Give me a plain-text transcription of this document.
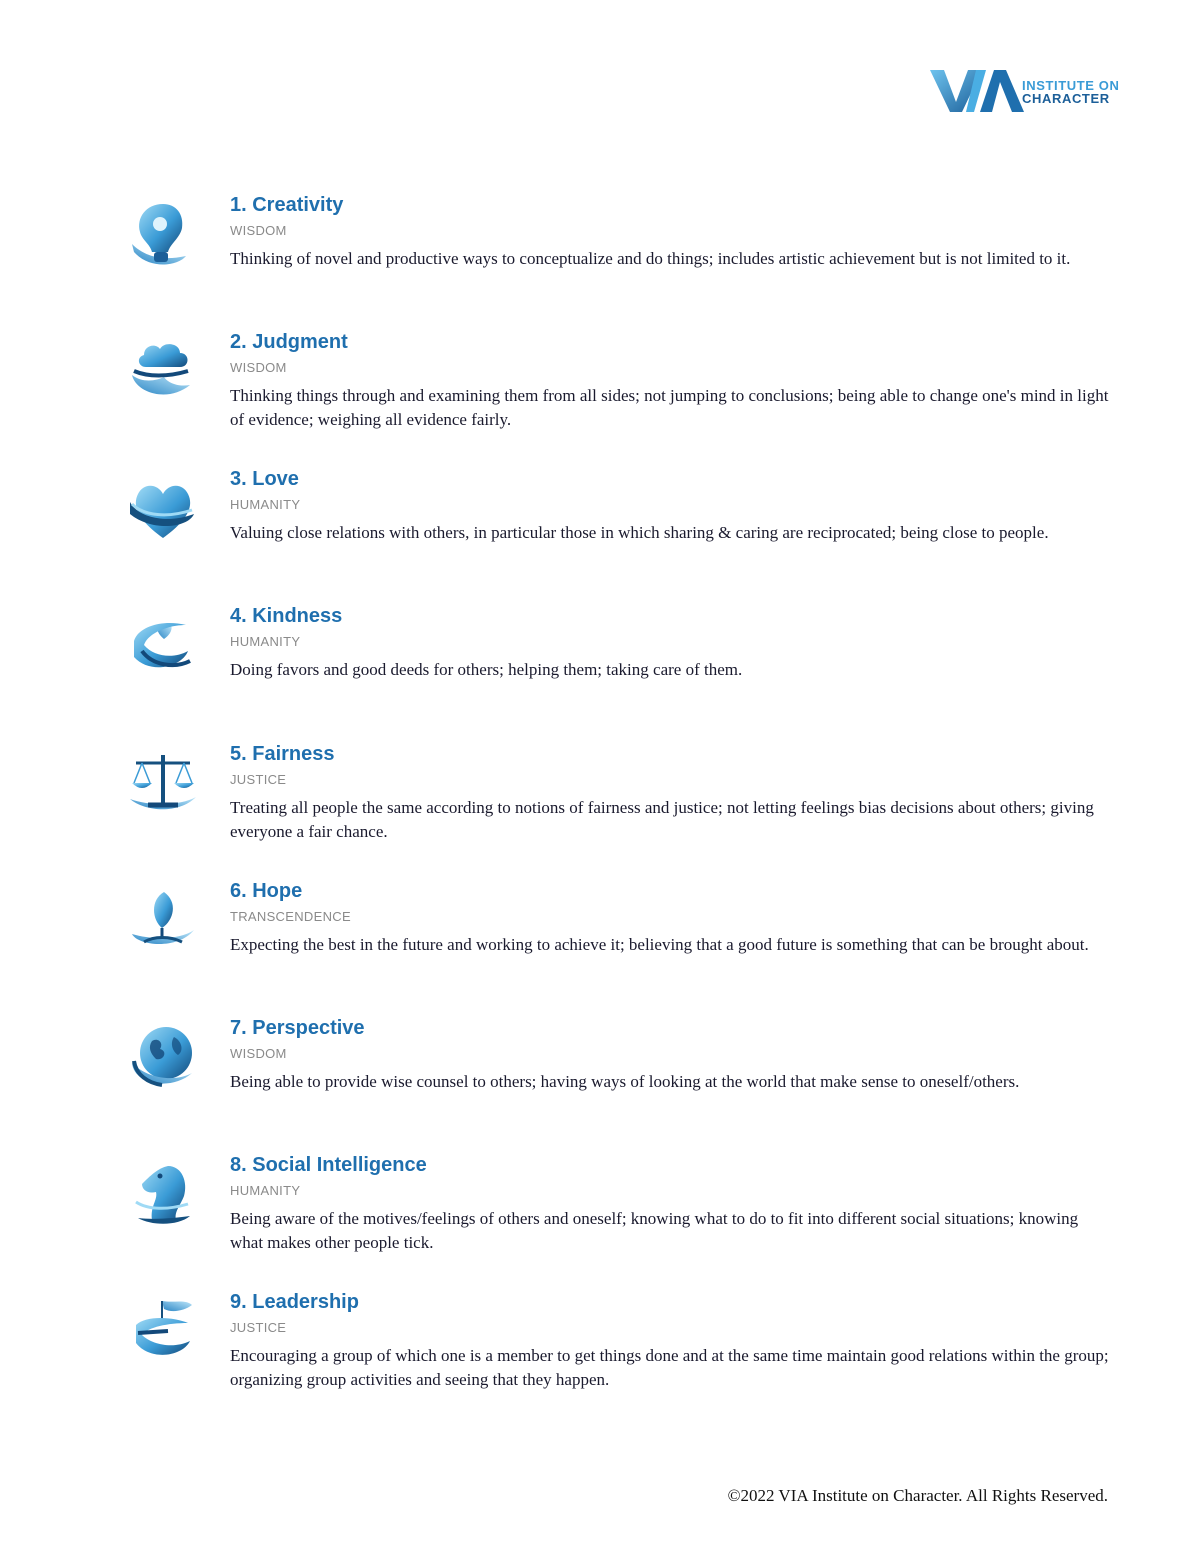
INSTITUTE ON
CHARACTER
1. Creativity
WISDOM
Thinking of novel and productive ways to conceptualize and do things; includes artistic achievement but is not limited to it.
2. Judgment
WISDOM
Thinking things through and examining them from all sides; not jumping to conclusions; being able to change one's mind in light of evidence; weighing all evidence fairly.
3. Love
HUMANITY
Valuing close relations with others, in particular those in which sharing & caring are reciprocated; being close to people.
4. Kindness
HUMANITY
Doing favors and good deeds for others; helping them; taking care of them.
5. Fairness
JUSTICE
Treating all people the same according to notions of fairness and justice; not letting feelings bias decisions about others; giving everyone a fair chance.
6. Hope
TRANSCENDENCE
Expecting the best in the future and working to achieve it; believing that a good future is something that can be brought about.
7. Perspective
WISDOM
Being able to provide wise counsel to others; having ways of looking at the world that make sense to oneself/others.
8. Social Intelligence
HUMANITY
Being aware of the motives/feelings of others and oneself; knowing what to do to fit into different social situations; knowing what makes other people tick.
9. Leadership
JUSTICE
Encouraging a group of which one is a member to get things done and at the same time maintain good relations within the group; organizing group activities and seeing that they happen.
©2022 VIA Institute on Character. All Rights Reserved.
